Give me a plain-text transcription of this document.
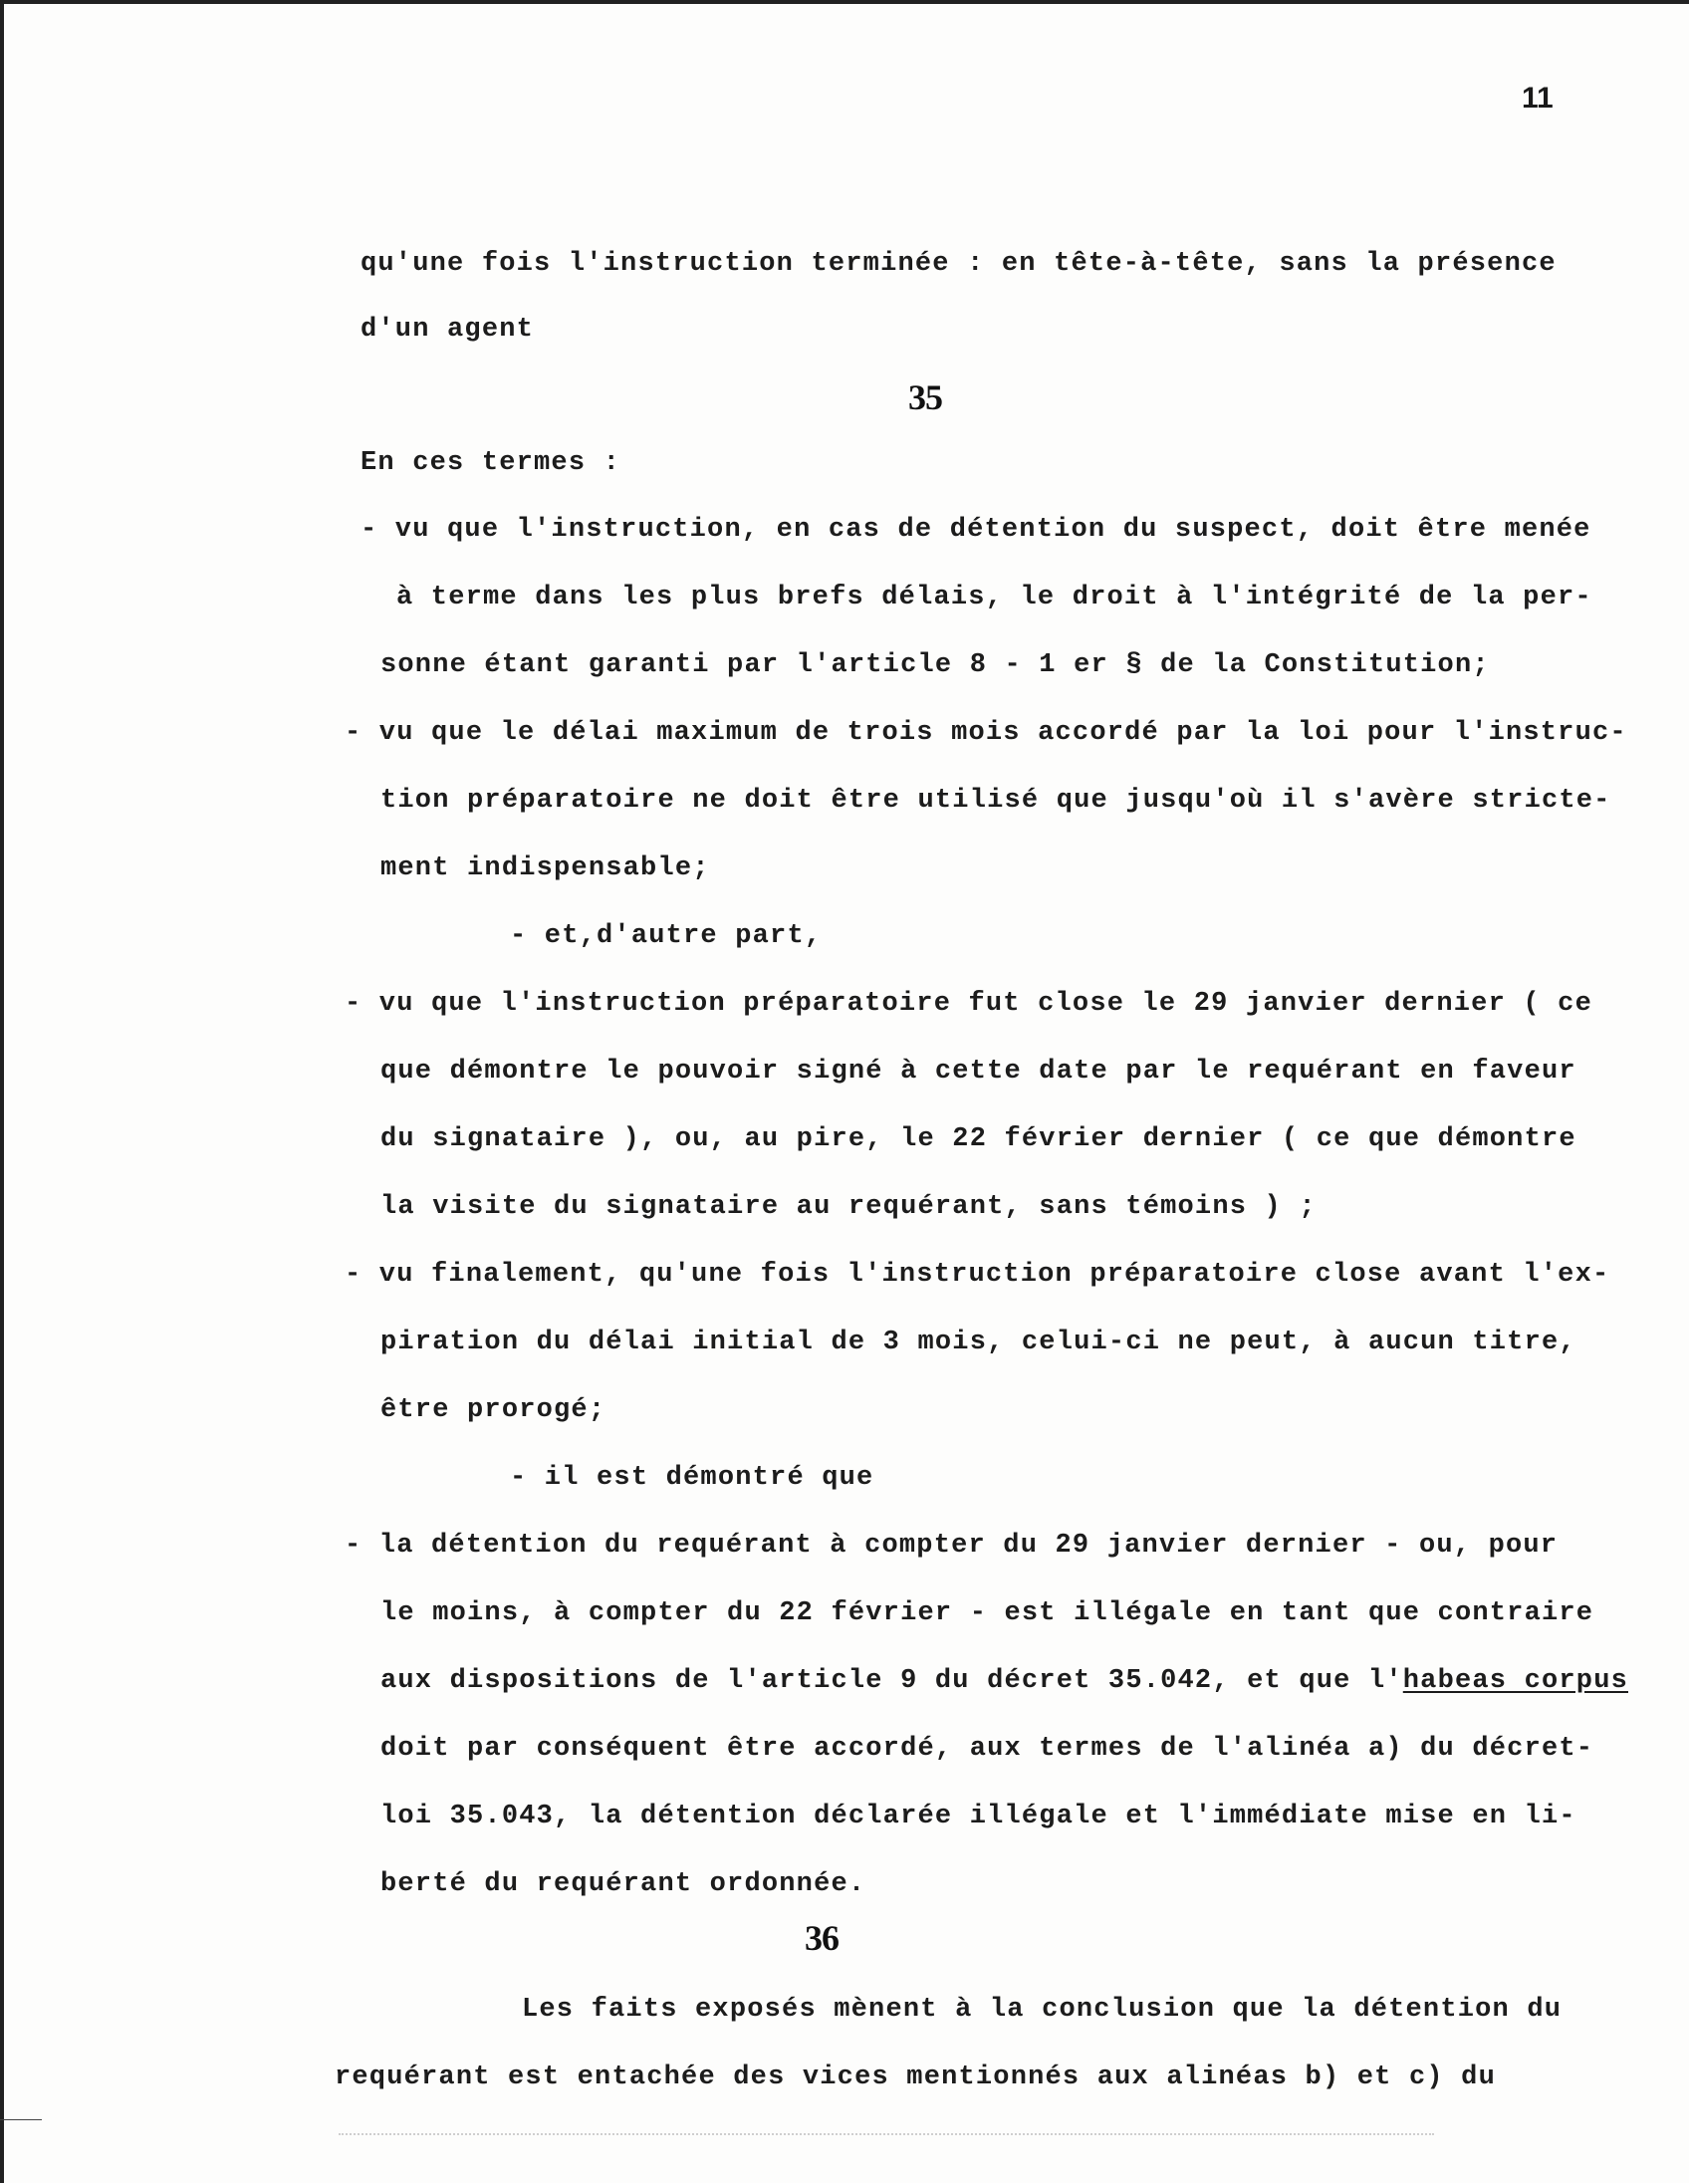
11
qu'une fois l'instruction terminée : en tête-à-tête, sans la présence
d'un agent
35
En ces termes :
- vu que l'instruction, en cas de détention du suspect, doit être menée
à terme dans les plus brefs délais, le droit à l'intégrité de la per-
sonne étant garanti par l'article 8 - 1 er § de la Constitution;
- vu que le délai maximum de trois mois accordé par la loi pour l'instruc-
tion préparatoire ne doit être utilisé que jusqu'où il s'avère stricte-
ment indispensable;
- et,d'autre part,
- vu que l'instruction préparatoire fut close le 29 janvier dernier ( ce
que démontre le pouvoir signé à cette date par le requérant en faveur
du signataire ), ou, au pire, le 22 février dernier ( ce que démontre
la visite du signataire au requérant, sans témoins ) ;
- vu finalement, qu'une fois l'instruction préparatoire close avant l'ex-
piration du délai initial de 3 mois, celui-ci ne peut, à aucun titre,
être prorogé;
- il est démontré que
- la détention du requérant à compter du 29 janvier dernier - ou, pour
le moins, à compter du 22 février - est illégale en tant que contraire
aux dispositions de l'article 9 du décret 35.042, et que l'habeas corpus
doit par conséquent être accordé, aux termes de l'alinéa a) du décret-
loi 35.043, la détention déclarée illégale et l'immédiate mise en li-
berté du requérant ordonnée.
36
Les faits exposés mènent à la conclusion que la détention du
requérant est entachée des vices mentionnés aux alinéas b) et c) du
